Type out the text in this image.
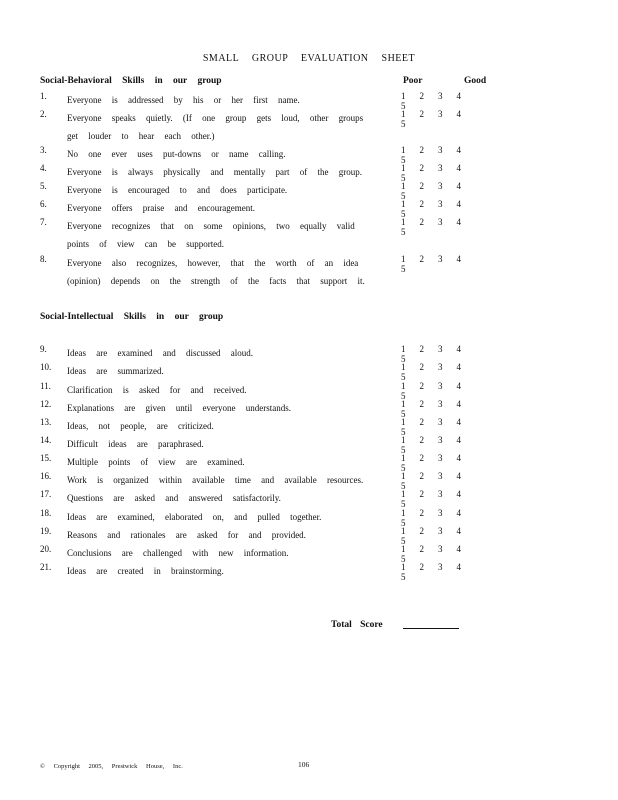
SMALL GROUP EVALUATION SHEET
Social-Behavioral Skills in our group	Poor	Good
1. Everyone is addressed by his or her first name.	1 2 3 45
2. Everyone speaks quietly. (If one group gets loud, other groups get louder to hear each other.)
1 2 3 45
3. No one ever uses put-downs or name calling.	1 2 3 45
4. Everyone is always physically and mentally part of the group.	1 2 3 45
5. Everyone is encouraged to and does participate.	1 2 3 45
6. Everyone offers praise and encouragement.	1 2 3 45
7. Everyone recognizes that on some opinions, two equally valid points of view can be supported.
1 2 3 45
8. Everyone also recognizes, however, that the worth of an idea (opinion) depends on the strength of the facts that support it.
1 2 3 45
Social-Intellectual Skills in our group
9. Ideas are examined and discussed aloud.	1 2 3 45
10. Ideas are summarized.	1 2 3 45
11. Clarification is asked for and received.	1 2 3 45
12. Explanations are given until everyone understands.	1 2 3 45
13. Ideas, not people, are criticized.	1 2 3 45
14. Difficult ideas are paraphrased.	1 2 3 45
15. Multiple points of view are examined.	1 2 3 45
16. Work is organized within available time and available resources.	1 2 3 45
17. Questions are asked and answered satisfactorily.	1 2 3 45
18. Ideas are examined, elaborated on, and pulled together.	1 2 3 45
19. Reasons and rationales are asked for and provided.	1 2 3 45
20. Conclusions are challenged with new information.	1 2 3 45
21. Ideas are created in brainstorming.	1 2 3 45
Total Score
© Copyright 2005, Prestwick House, Inc.	106
